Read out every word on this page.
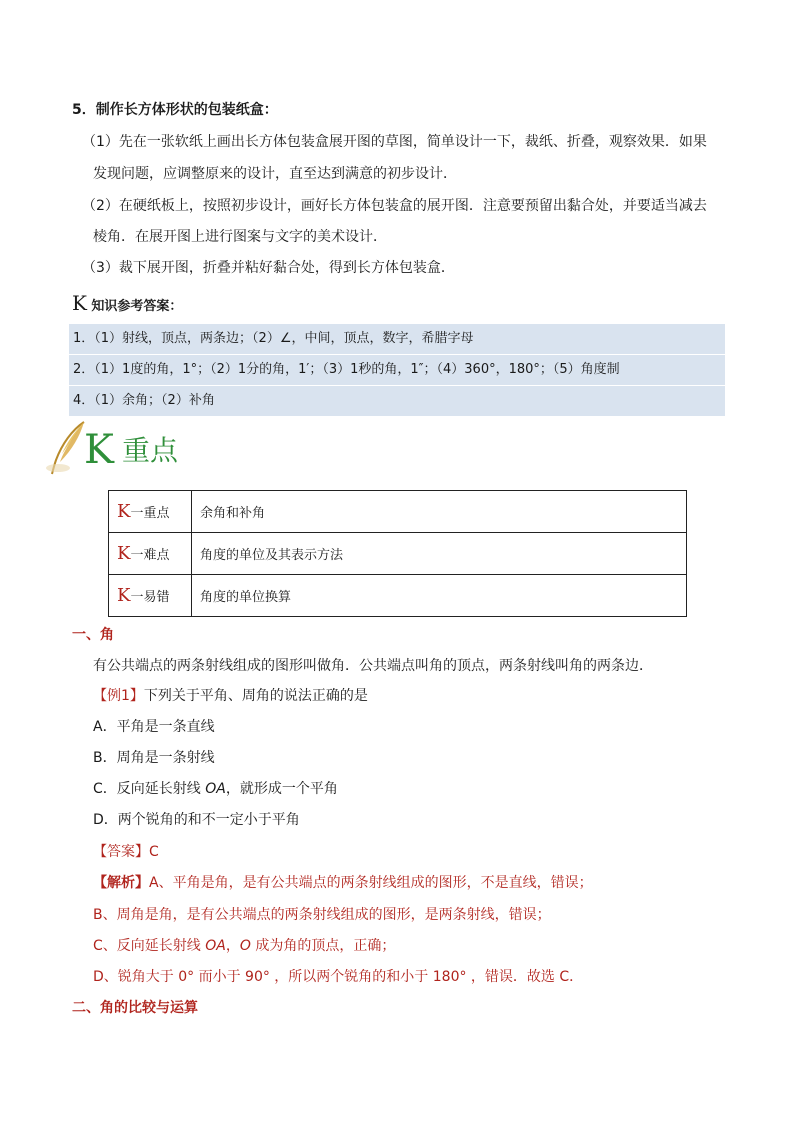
5．制作长方体形状的包装纸盒：
（1）先在一张软纸上画出长方体包装盒展开图的草图，简单设计一下，裁纸、折叠，观察效果．如果
发现问题，应调整原来的设计，直至达到满意的初步设计．
（2）在硬纸板上，按照初步设计，画好长方体包装盒的展开图．注意要预留出黏合处，并要适当减去
棱角．在展开图上进行图案与文字的美术设计．
（3）裁下展开图，折叠并粘好黏合处，得到长方体包装盒．
K 知识参考答案：
1．（1）射线，顶点，两条边；（2）∠，中间，顶点，数字，希腊字母
2．（1）1度的角，1°；（2）1分的角，1′；（3）1秒的角，1″；（4）360°，180°；（5）角度制
4．（1）余角；（2）补角
K 重点
K一重点	余角和补角
K一难点	角度的单位及其表示方法
K一易错	角度的单位换算
一、角
有公共端点的两条射线组成的图形叫做角．公共端点叫角的顶点，两条射线叫角的两条边．
【例1】下列关于平角、周角的说法正确的是
A．平角是一条直线
B．周角是一条射线
C．反向延长射线 OA，就形成一个平角
D．两个锐角的和不一定小于平角
【答案】C
【解析】A、平角是角，是有公共端点的两条射线组成的图形，不是直线，错误；
B、周角是角，是有公共端点的两条射线组成的图形，是两条射线，错误；
C、反向延长射线 OA，O 成为角的顶点，正确；
D、锐角大于 0° 而小于 90° ，所以两个锐角的和小于 180° ，错误．故选 C．
二、角的比较与运算
